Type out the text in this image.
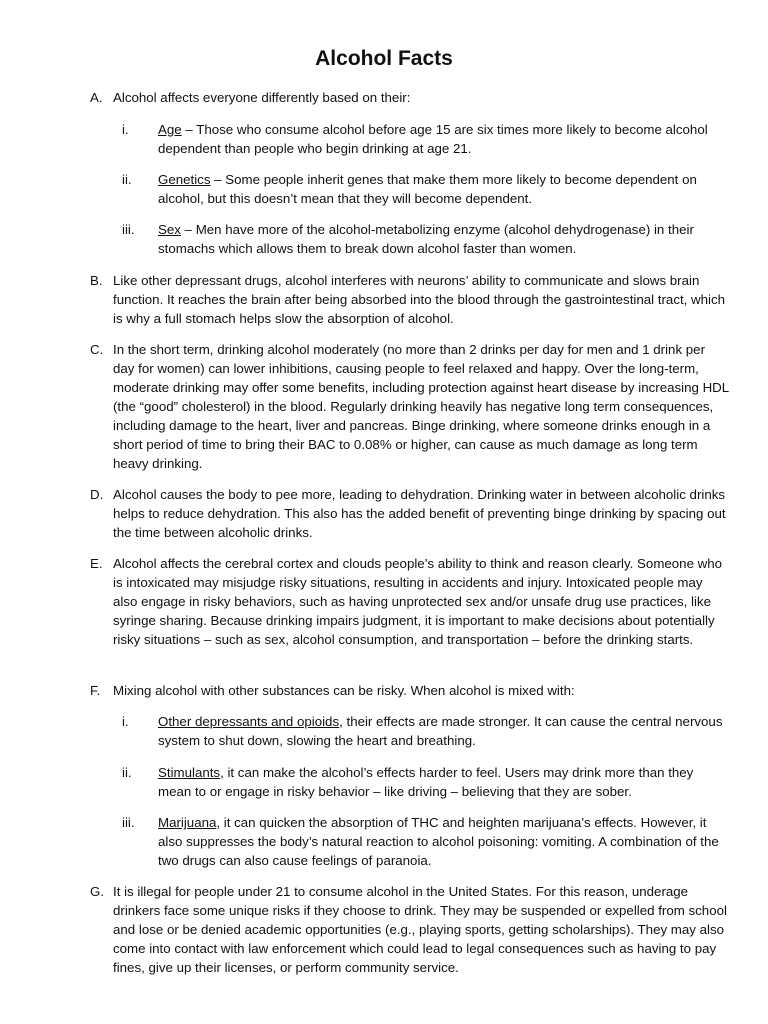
Alcohol Facts
A. Alcohol affects everyone differently based on their:
i. Age – Those who consume alcohol before age 15 are six times more likely to become alcohol dependent than people who begin drinking at age 21.
ii. Genetics – Some people inherit genes that make them more likely to become dependent on alcohol, but this doesn’t mean that they will become dependent.
iii. Sex – Men have more of the alcohol-metabolizing enzyme (alcohol dehydrogenase) in their stomachs which allows them to break down alcohol faster than women.
B. Like other depressant drugs, alcohol interferes with neurons’ ability to communicate and slows brain function. It reaches the brain after being absorbed into the blood through the gastrointestinal tract, which is why a full stomach helps slow the absorption of alcohol.
C. In the short term, drinking alcohol moderately (no more than 2 drinks per day for men and 1 drink per day for women) can lower inhibitions, causing people to feel relaxed and happy. Over the long-term, moderate drinking may offer some benefits, including protection against heart disease by increasing HDL (the “good” cholesterol) in the blood. Regularly drinking heavily has negative long term consequences, including damage to the heart, liver and pancreas. Binge drinking, where someone drinks enough in a short period of time to bring their BAC to 0.08% or higher, can cause as much damage as long term heavy drinking.
D. Alcohol causes the body to pee more, leading to dehydration. Drinking water in between alcoholic drinks helps to reduce dehydration. This also has the added benefit of preventing binge drinking by spacing out the time between alcoholic drinks.
E. Alcohol affects the cerebral cortex and clouds people’s ability to think and reason clearly. Someone who is intoxicated may misjudge risky situations, resulting in accidents and injury. Intoxicated people may also engage in risky behaviors, such as having unprotected sex and/or unsafe drug use practices, like syringe sharing. Because drinking impairs judgment, it is important to make decisions about potentially risky situations – such as sex, alcohol consumption, and transportation – before the drinking starts.
F. Mixing alcohol with other substances can be risky. When alcohol is mixed with:
i. Other depressants and opioids, their effects are made stronger. It can cause the central nervous system to shut down, slowing the heart and breathing.
ii. Stimulants, it can make the alcohol’s effects harder to feel. Users may drink more than they mean to or engage in risky behavior – like driving – believing that they are sober.
iii. Marijuana, it can quicken the absorption of THC and heighten marijuana’s effects. However, it also suppresses the body’s natural reaction to alcohol poisoning: vomiting. A combination of the two drugs can also cause feelings of paranoia.
G. It is illegal for people under 21 to consume alcohol in the United States. For this reason, underage drinkers face some unique risks if they choose to drink. They may be suspended or expelled from school and lose or be denied academic opportunities (e.g., playing sports, getting scholarships). They may also come into contact with law enforcement which could lead to legal consequences such as having to pay fines, give up their licenses, or perform community service.
